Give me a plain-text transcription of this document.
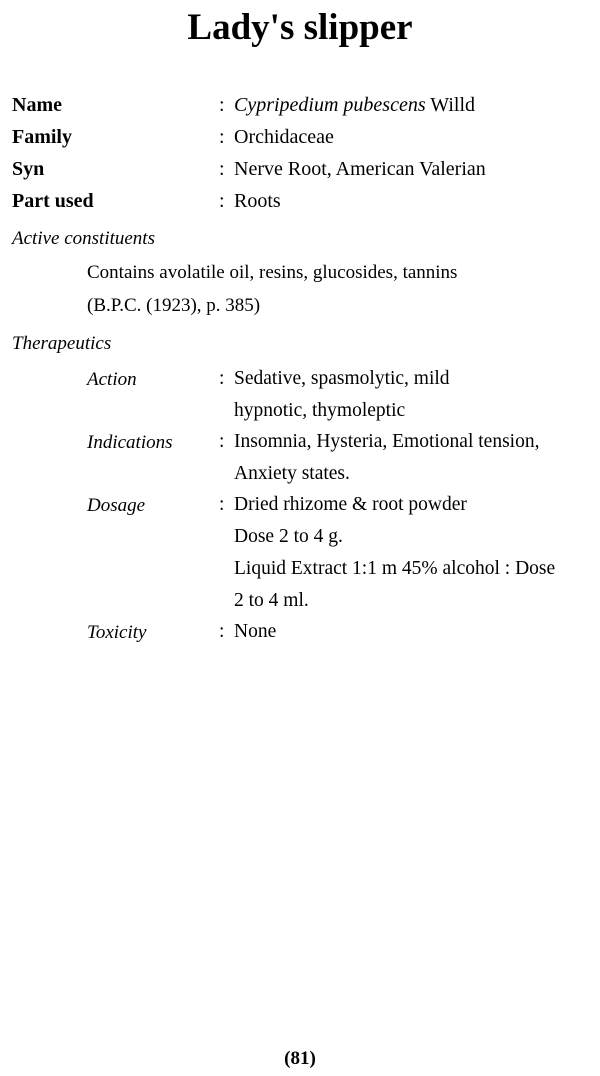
Lady's slipper
Name	: Cypripedium pubescens Willd
Family	: Orchidaceae
Syn	: Nerve Root, American Valerian
Part used	: Roots
Active constituents
Contains avolatile oil, resins, glucosides, tannins
(B.P.C. (1923), p. 385)
Therapeutics
Action	: Sedative, spasmolytic, mild
hypnotic, thymoleptic
Indications : Insomnia, Hysteria, Emotional tension,
Anxiety states.
Dosage	: Dried rhizome & root powder
Dose 2 to 4 g.
Liquid Extract 1:1 m 45% alcohol : Dose
2 to 4 ml.
Toxicity	: None
(81)
